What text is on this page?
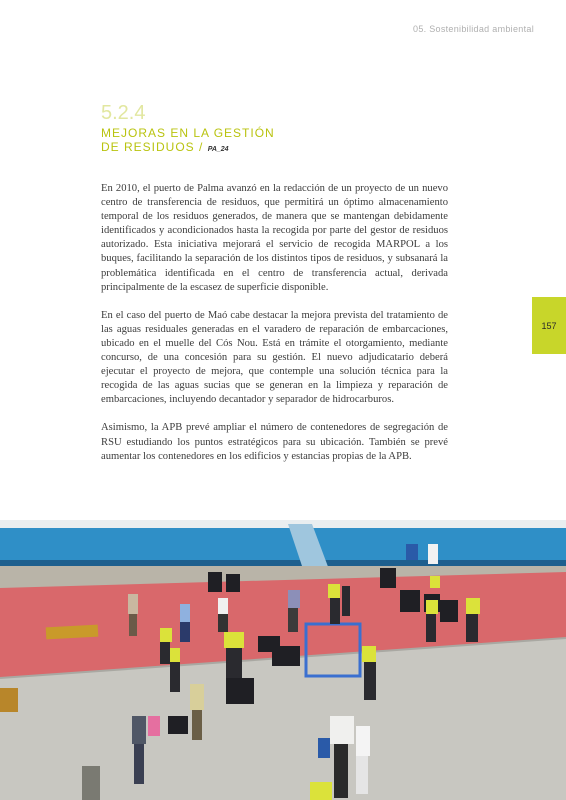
05. Sostenibilidad ambiental
5.2.4
MEJORAS EN LA GESTIÓN
DE RESIDUOS / PA_24

En 2010, el puerto de Palma avanzó en la redacción de un proyecto de un nuevo centro de transferencia de residuos, que permitirá un óptimo almacenamiento temporal de los residuos generados, de manera que se mantengan debidamente identificados y acondicionados hasta la recogida por parte del gestor de residuos autorizado. Esta iniciativa mejorará el servicio de recogida MARPOL a los buques, facilitando la separación de los distintos tipos de residuos, y subsanará la problemática identificada en el centro de transferencia actual, derivada principalmente de la escasez de superficie disponible.

En el caso del puerto de Maó cabe destacar la mejora prevista del tratamiento de las aguas residuales generadas en el varadero de reparación de embarcaciones, ubicado en el muelle del Cós Nou. Está en trámite el otorgamiento, mediante concurso, de una concesión para su gestión. El nuevo adjudicatario deberá ejecutar el proyecto de mejora, que contemple una solución técnica para la recogida de las aguas sucias que se generan en la limpieza y reparación de embarcaciones, incluyendo decantador y separador de hidrocarburos.

Asimismo, la APB prevé ampliar el número de contenedores de segregación de RSU estudiando los puntos estratégicos para su ubicación. También se prevé aumentar los contenedores en los edificios y estancias propias de la APB.

157
